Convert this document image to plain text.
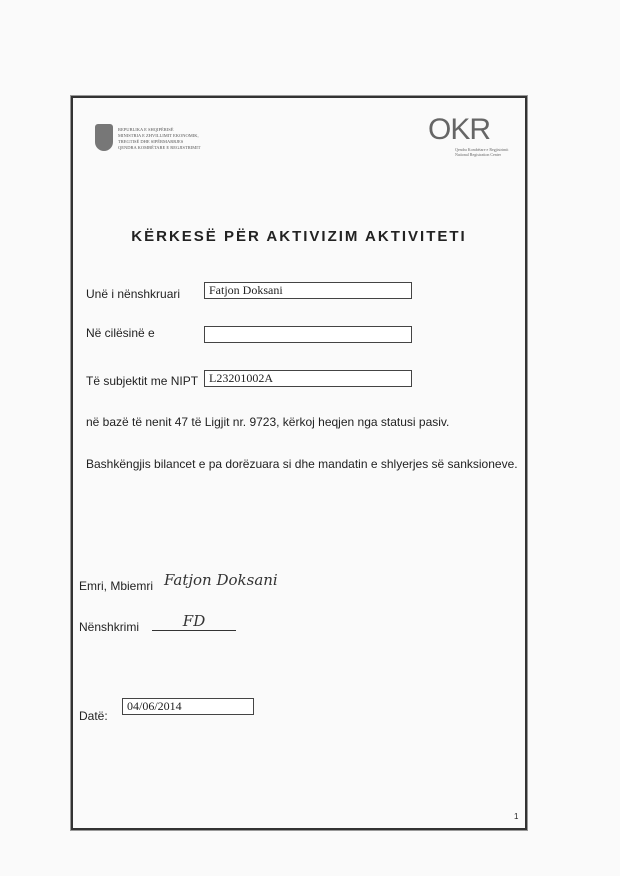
REPUBLIKA E SHQIPËRISË
MINISTRIA E ZHVILLIMIT EKONOMIK,
TREGTISË DHE SIPËRMARRJES
QENDRA KOMBËTARE E REGJISTRIMIT
OKR
Qendra Kombëtare e Regjistrimit
National Registration Center
KËRKESË PËR AKTIVIZIM AKTIVITETI
Unë i nënshkruari	Fatjon Doksani
Në cilësinë e
Të subjektit me NIPT L23201002A
në bazë të nenit 47 të Ligjit nr. 9723, kërkoj heqjen nga statusi pasiv.
Bashkëngjis bilancet e pa dorëzuara si dhe mandatin e shlyerjes së sanksioneve.
Emri, Mbiemri Fatjon Doksani
Nënshkrimi	FD
Datë:
04/06/2014
1
